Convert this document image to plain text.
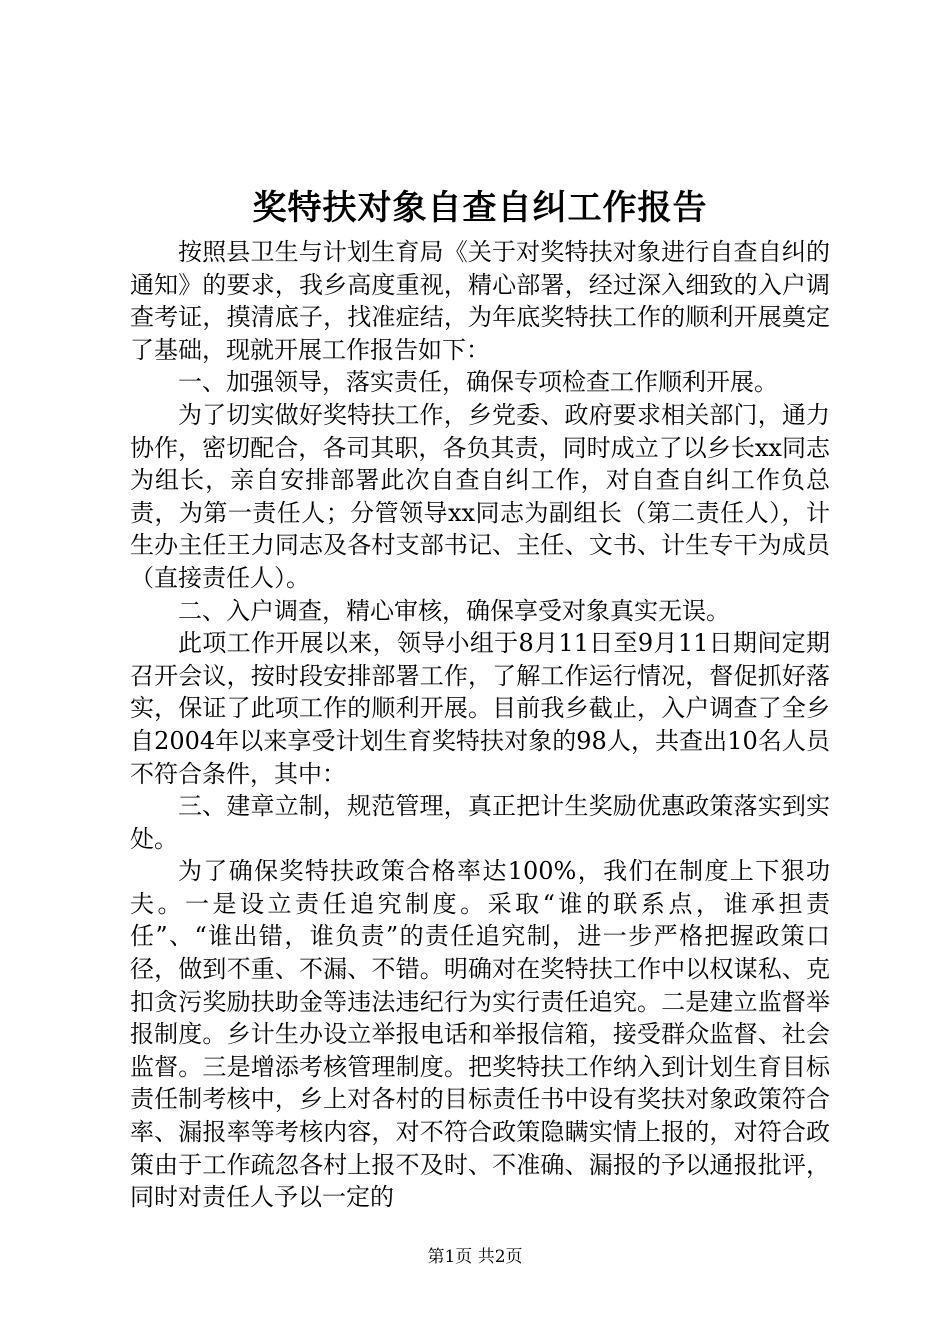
奖特扶对象自查自纠工作报告

按照县卫生与计划生育局《关于对奖特扶对象进行自查自纠的通知》的要求，我乡高度重视，精心部署，经过深入细致的入户调查考证，摸清底子，找准症结，为年底奖特扶工作的顺利开展奠定了基础，现就开展工作报告如下：

一、加强领导，落实责任，确保专项检查工作顺利开展。

为了切实做好奖特扶工作，乡党委、政府要求相关部门，通力协作，密切配合，各司其职，各负其责，同时成立了以乡长xx同志为组长，亲自安排部署此次自查自纠工作，对自查自纠工作负总责，为第一责任人；分管领导xx同志为副组长（第二责任人），计生办主任王力同志及各村支部书记、主任、文书、计生专干为成员（直接责任人）。

二、入户调查，精心审核，确保享受对象真实无误。

此项工作开展以来，领导小组于8月11日至9月11日期间定期召开会议，按时段安排部署工作，了解工作运行情况，督促抓好落实，保证了此项工作的顺利开展。目前我乡截止，入户调查了全乡自2004年以来享受计划生育奖特扶对象的98人，共查出10名人员不符合条件，其中：

三、建章立制，规范管理，真正把计生奖励优惠政策落实到实处。

为了确保奖特扶政策合格率达100%，我们在制度上下狠功夫。一是设立责任追究制度。采取“谁的联系点，谁承担责任”、“谁出错，谁负责”的责任追究制，进一步严格把握政策口径，做到不重、不漏、不错。明确对在奖特扶工作中以权谋私、克扣贪污奖励扶助金等违法违纪行为实行责任追究。二是建立监督举报制度。乡计生办设立举报电话和举报信箱，接受群众监督、社会监督。三是增添考核管理制度。把奖特扶工作纳入到计划生育目标责任制考核中，乡上对各村的目标责任书中设有奖扶对象政策符合率、漏报率等考核内容，对不符合政策隐瞒实情上报的，对符合政策由于工作疏忽各村上报不及时、不准确、漏报的予以通报批评，同时对责任人予以一定的

第1页 共2页
